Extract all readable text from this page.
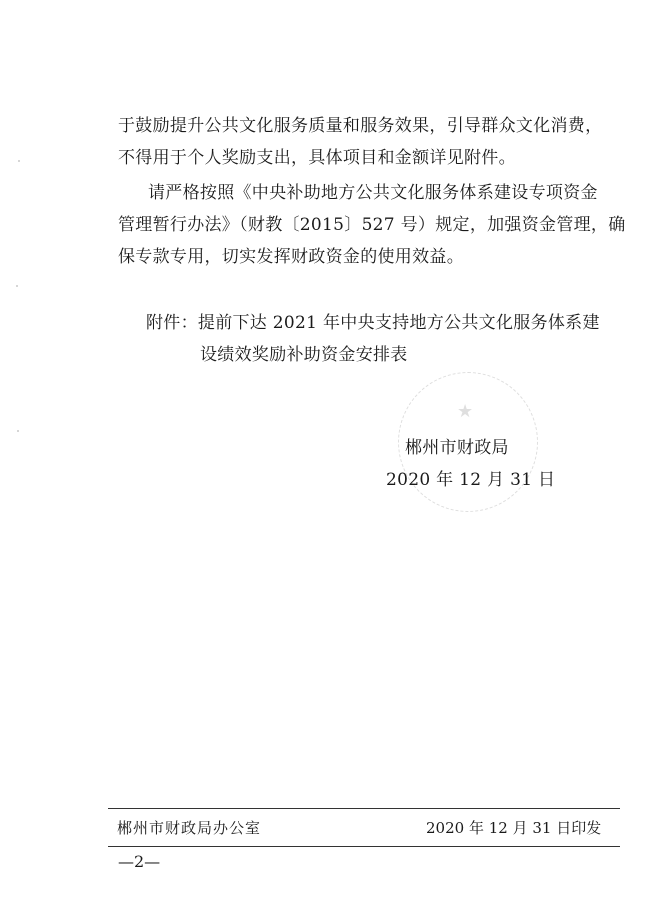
于鼓励提升公共文化服务质量和服务效果，引导群众文化消费，
不得用于个人奖励支出，具体项目和金额详见附件。
请严格按照《中央补助地方公共文化服务体系建设专项资金
管理暂行办法》（财教〔2015〕527 号）规定，加强资金管理，确
保专款专用，切实发挥财政资金的使用效益。
附件：提前下达 2021 年中央支持地方公共文化服务体系建
设绩效奖励补助资金安排表
★
郴州市财政局
2020 年 12 月 31 日
郴州市财政局办公室	2020 年 12 月 31 日印发
—2—
